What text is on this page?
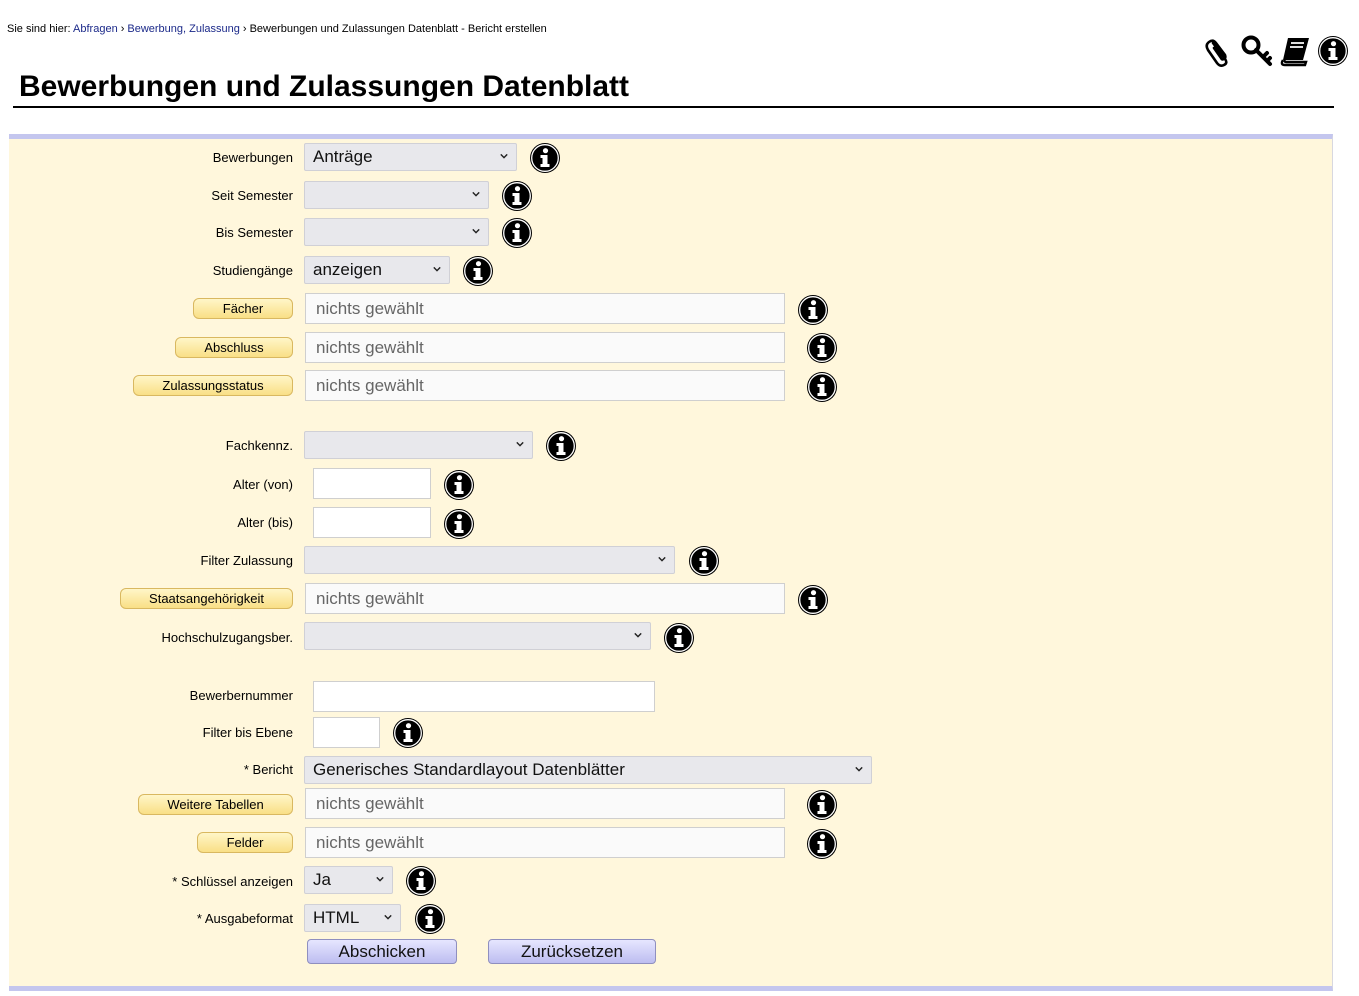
Sie sind hier: Abfragen › Bewerbung, Zulassung › Bewerbungen und Zulassungen Datenblatt - Bericht erstellen
Bewerbungen und Zulassungen Datenblatt
Bewerbungen	Anträge
Seit Semester
Bis Semester
Studiengänge	anzeigen
Fächer	nichts gewählt
Abschluss	nichts gewählt
Zulassungsstatus	nichts gewählt
Fachkennz.
Alter (von)
Alter (bis)
Filter Zulassung
Staatsangehörigkeit	nichts gewählt
Hochschulzugangsber.
Bewerbernummer
Filter bis Ebene
* Bericht	Generisches Standardlayout Datenblätter
Weitere Tabellen	nichts gewählt
Felder	nichts gewählt
* Schlüssel anzeigen	Ja
* Ausgabeformat	HTML
Abschicken	Zurücksetzen
